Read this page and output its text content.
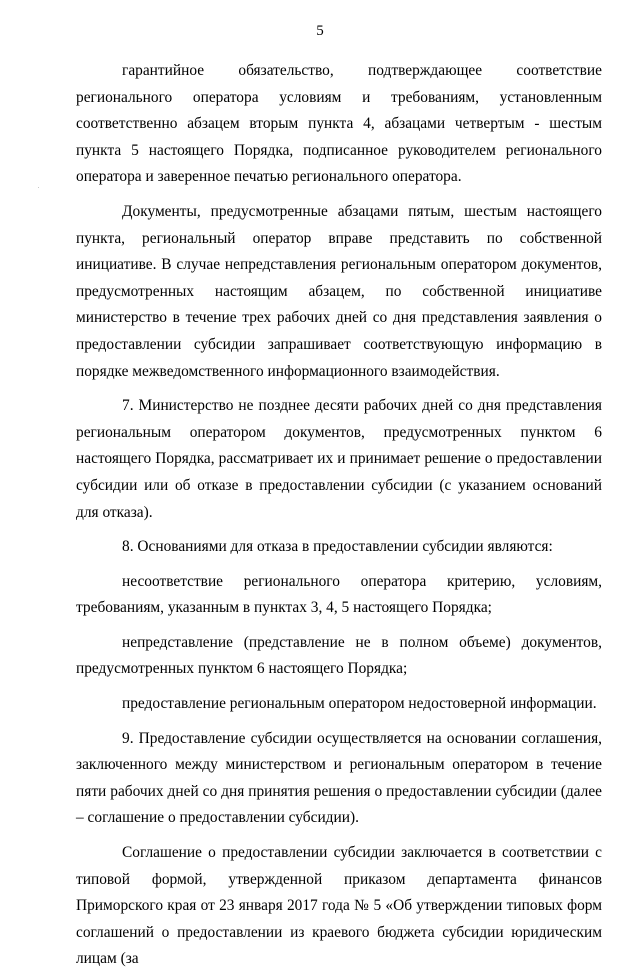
5

гарантийное обязательство, подтверждающее соответствие регионального оператора условиям и требованиям, установленным соответственно абзацем вторым пункта 4, абзацами четвертым - шестым пункта 5 настоящего Порядка, подписанное руководителем регионального оператора и заверенное печатью регионального оператора.

Документы, предусмотренные абзацами пятым, шестым настоящего пункта, региональный оператор вправе представить по собственной инициативе. В случае непредставления региональным оператором документов, предусмотренных настоящим абзацем, по собственной инициативе министерство в течение трех рабочих дней со дня представления заявления о предоставлении субсидии запрашивает соответствующую информацию в порядке межведомственного информационного взаимодействия.

7. Министерство не позднее десяти рабочих дней со дня представления региональным оператором документов, предусмотренных пунктом 6 настоящего Порядка, рассматривает их и принимает решение о предоставлении субсидии или об отказе в предоставлении субсидии (с указанием оснований для отказа).

8. Основаниями для отказа в предоставлении субсидии являются:

несоответствие регионального оператора критерию, условиям, требованиям, указанным в пунктах 3, 4, 5 настоящего Порядка;

непредставление (представление не в полном объеме) документов, предусмотренных пунктом 6 настоящего Порядка;

предоставление региональным оператором недостоверной информации.

9. Предоставление субсидии осуществляется на основании соглашения, заключенного между министерством и региональным оператором в течение пяти рабочих дней со дня принятия решения о предоставлении субсидии (далее – соглашение о предоставлении субсидии).

Соглашение о предоставлении субсидии заключается в соответствии с типовой формой, утвержденной приказом департамента финансов Приморского края от 23 января 2017 года № 5 «Об утверждении типовых форм соглашений о предоставлении из краевого бюджета субсидии юридическим лицам (за
